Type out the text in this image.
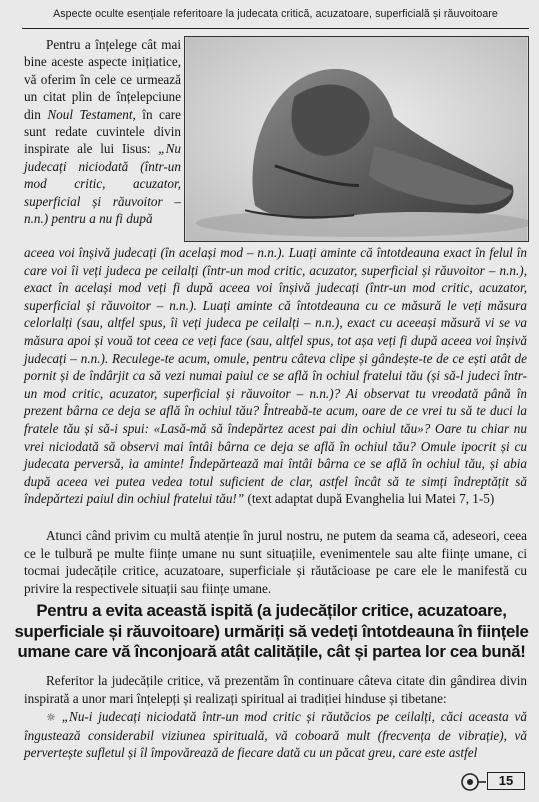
Aspecte oculte esențiale referitoare la judecata critică, acuzatoare, superficială și răuvoitoare

Pentru a înțelege cât mai bine aceste aspecte inițiatice, vă oferim în cele ce urmează un citat plin de înțelepciune din Noul Testament, în care sunt redate cuvintele divin inspirate ale lui Iisus: „Nu judecați niciodată (într-un mod critic, acuzator, superficial și răuvoitor – n.n.) pentru a nu fi după

aceea voi înșivă judecați (în același mod – n.n.). Luați aminte că întotdeauna exact în felul în care voi îi veți judeca pe ceilalți (într-un mod critic, acuzator, superficial și răuvoitor – n.n.), exact în același mod veți fi după aceea voi înșivă judecați (într-un mod critic, acuzator, superficial și răuvoitor – n.n.). Luați aminte că întotdeauna cu ce măsură le veți măsura celorlalți (sau, altfel spus, îi veți judeca pe ceilalți – n.n.), exact cu aceeași măsură vi se va măsura apoi și vouă tot ceea ce veți face (sau, altfel spus, tot așa veți fi după aceea voi înșivă judecați – n.n.). Reculege-te acum, omule, pentru câteva clipe și gândește-te de ce ești atât de pornit și de îndârjit ca să vezi numai paiul ce se află în ochiul fratelui tău (și să-l judeci într-un mod critic, acuzator, superficial și răuvoitor – n.n.)? Ai observat tu vreodată până în prezent bârna ce deja se află în ochiul tău? Întreabă-te acum, oare de ce vrei tu să te duci la fratele tău și să-i spui: «Lasă-mă să îndepărtez acest pai din ochiul tău»? Oare tu chiar nu vrei niciodată să observi mai întâi bârna ce deja se află în ochiul tău? Omule ipocrit și cu judecata perversă, ia aminte! Îndepărtează mai întâi bârna ce se află în ochiul tău, și abia după aceea vei putea vedea totul suficient de clar, astfel încât să te simți îndreptățit să îndepărtezi paiul din ochiul fratelui tău!” (text adaptat după Evanghelia lui Matei 7, 1-5)

Atunci când privim cu multă atenție în jurul nostru, ne putem da seama că, adeseori, ceea ce le tulbură pe multe ființe umane nu sunt situațiile, evenimentele sau alte ființe umane, ci tocmai judecățile critice, acuzatoare, superficiale și răutăcioase pe care ele le manifestă cu privire la respectivele situații sau ființe umane.

Pentru a evita această ispită (a judecăților critice, acuzatoare, superficiale și răuvoitoare) urmăriți să vedeți întotdeauna în ființele umane care vă înconjoară atât calitățile, cât și partea lor cea bună!

Referitor la judecățile critice, vă prezentăm în continuare câteva citate din gândirea divin inspirată a unor mari înțelepți și realizați spiritual ai tradiției hinduse și tibetane:

☼ „Nu-i judecați niciodată într-un mod critic și răutăcios pe ceilalți, căci aceasta vă îngustează considerabil viziunea spirituală, vă coboară mult (frecvența de vibrație), vă pervertește sufletul și îl împovărează de fiecare dată cu un păcat greu, care este astfel

15
